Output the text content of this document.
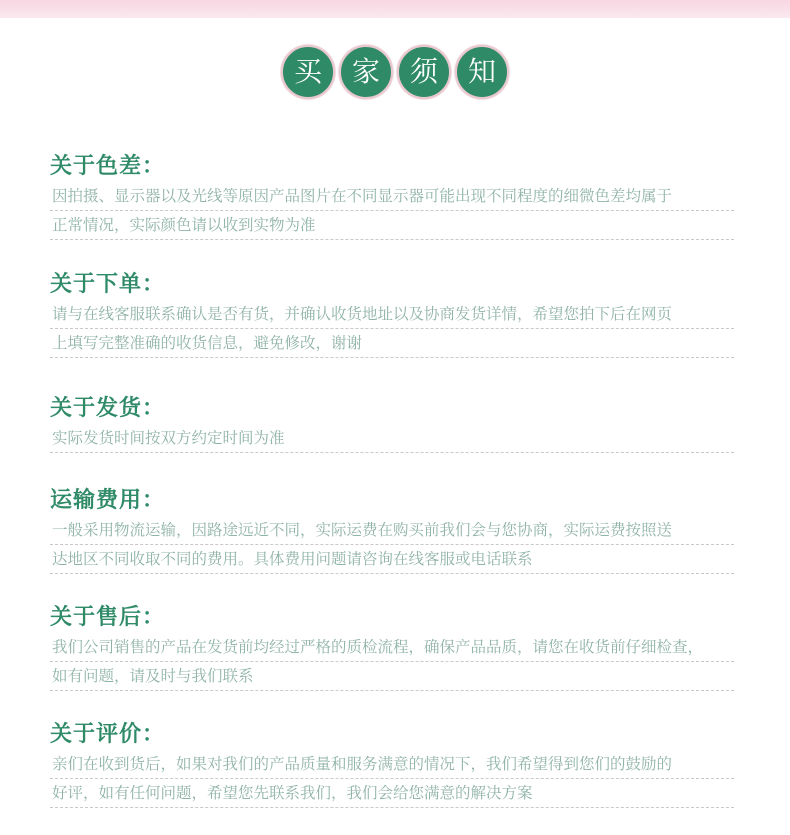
买	家	须	知
关于色差：
因拍摄、显示器以及光线等原因产品图片在不同显示器可能出现不同程度的细微色差均属于
正常情况，实际颜色请以收到实物为准
关于下单：
请与在线客服联系确认是否有货，并确认收货地址以及协商发货详情，希望您拍下后在网页
上填写完整准确的收货信息，避免修改，谢谢
关于发货：
实际发货时间按双方约定时间为准
运输费用：
一般采用物流运输，因路途远近不同，实际运费在购买前我们会与您协商，实际运费按照送
达地区不同收取不同的费用。具体费用问题请咨询在线客服或电话联系
关于售后：
我们公司销售的产品在发货前均经过严格的质检流程，确保产品品质，请您在收货前仔细检查，
如有问题，请及时与我们联系
关于评价：
亲们在收到货后，如果对我们的产品质量和服务满意的情况下，我们希望得到您们的鼓励的
好评，如有任何问题，希望您先联系我们，我们会给您满意的解决方案
